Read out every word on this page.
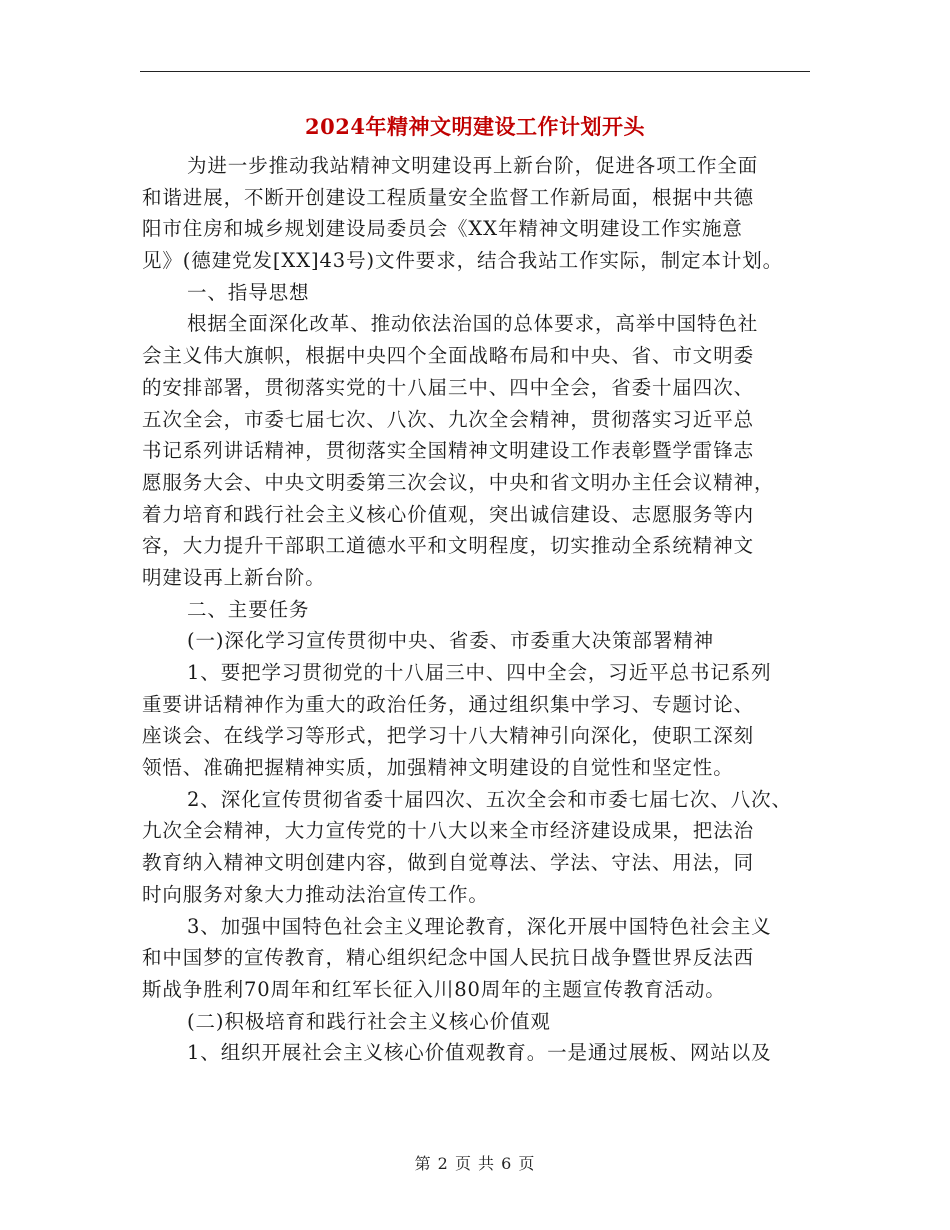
2024年精神文明建设工作计划开头
为进一步推动我站精神文明建设再上新台阶，促进各项工作全面
和谐进展，不断开创建设工程质量安全监督工作新局面，根据中共德
阳市住房和城乡规划建设局委员会《XX年精神文明建设工作实施意
见》(德建党发[XX]43号)文件要求，结合我站工作实际，制定本计划。
一、指导思想
根据全面深化改革、推动依法治国的总体要求，高举中国特色社
会主义伟大旗帜，根据中央四个全面战略布局和中央、省、市文明委
的安排部署，贯彻落实党的十八届三中、四中全会，省委十届四次、
五次全会，市委七届七次、八次、九次全会精神，贯彻落实习近平总
书记系列讲话精神，贯彻落实全国精神文明建设工作表彰暨学雷锋志
愿服务大会、中央文明委第三次会议，中央和省文明办主任会议精神，
着力培育和践行社会主义核心价值观，突出诚信建设、志愿服务等内
容，大力提升干部职工道德水平和文明程度，切实推动全系统精神文
明建设再上新台阶。
二、主要任务
(一)深化学习宣传贯彻中央、省委、市委重大决策部署精神
1、要把学习贯彻党的十八届三中、四中全会，习近平总书记系列
重要讲话精神作为重大的政治任务，通过组织集中学习、专题讨论、
座谈会、在线学习等形式，把学习十八大精神引向深化，使职工深刻
领悟、准确把握精神实质，加强精神文明建设的自觉性和坚定性。
2、深化宣传贯彻省委十届四次、五次全会和市委七届七次、八次、
九次全会精神，大力宣传党的十八大以来全市经济建设成果，把法治
教育纳入精神文明创建内容，做到自觉尊法、学法、守法、用法，同
时向服务对象大力推动法治宣传工作。
3、加强中国特色社会主义理论教育，深化开展中国特色社会主义
和中国梦的宣传教育，精心组织纪念中国人民抗日战争暨世界反法西
斯战争胜利70周年和红军长征入川80周年的主题宣传教育活动。
(二)积极培育和践行社会主义核心价值观
1、组织开展社会主义核心价值观教育。一是通过展板、网站以及
第 2 页 共 6 页
